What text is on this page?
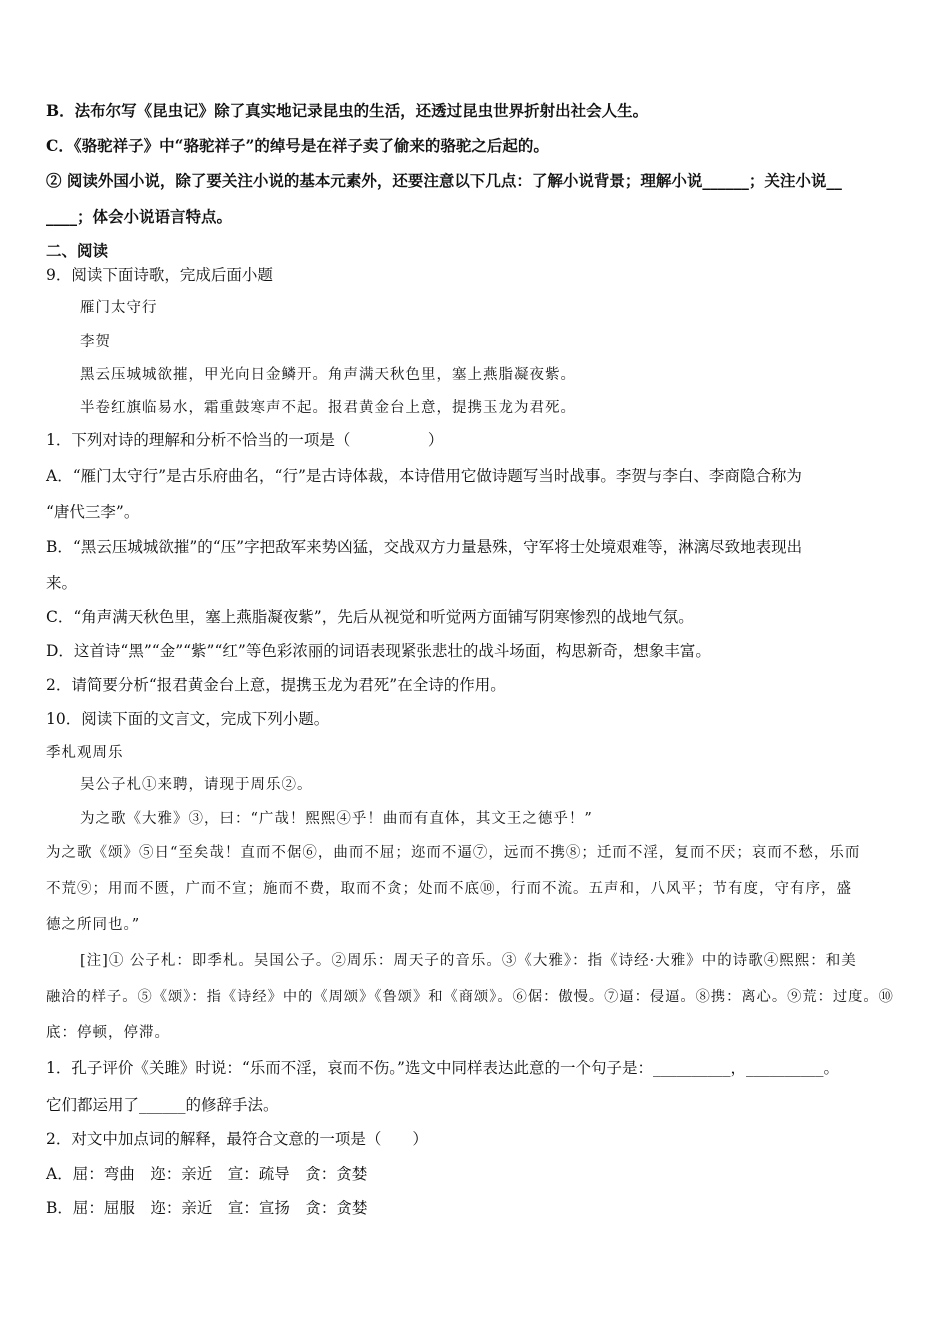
B．法布尔写《昆虫记》除了真实地记录昆虫的生活，还透过昆虫世界折射出社会人生。
C．《骆驼祥子》中“骆驼祥子”的绰号是在祥子卖了偷来的骆驼之后起的。
② 阅读外国小说，除了要关注小说的基本元素外，还要注意以下几点：了解小说背景；理解小说______；关注小说__
____；体会小说语言特点。
二、阅读
9．阅读下面诗歌，完成后面小题
雁门太守行
李贺
黑云压城城欲摧，甲光向日金鳞开。角声满天秋色里，塞上燕脂凝夜紫。
半卷红旗临易水，霜重鼓寒声不起。报君黄金台上意，提携玉龙为君死。
1．下列对诗的理解和分析不恰当的一项是（　　　　　）
A．“雁门太守行”是古乐府曲名，“行”是古诗体裁，本诗借用它做诗题写当时战事。李贺与李白、李商隐合称为
“唐代三李”。
B．“黑云压城城欲摧”的“压”字把敌军来势凶猛，交战双方力量悬殊，守军将士处境艰难等，淋漓尽致地表现出
来。
C．“角声满天秋色里，塞上燕脂凝夜紫”，先后从视觉和听觉两方面铺写阴寒惨烈的战地气氛。
D．这首诗“黑”“金”“紫”“红”等色彩浓丽的词语表现紧张悲壮的战斗场面，构思新奇，想象丰富。
2．请简要分析“报君黄金台上意，提携玉龙为君死”在全诗的作用。
10．阅读下面的文言文，完成下列小题。
季札观周乐
吴公子札①来聘，请现于周乐②。
为之歌《大雅》③，曰：“广哉！熙熙④乎！曲而有直体，其文王之德乎！”
为之歌《颂》⑤日“至矣哉！直而不倨⑥，曲而不屈；迩而不逼⑦，远而不携⑧；迁而不淫，复而不厌；哀而不愁，乐而
不荒⑨；用而不匮，广而不宣；施而不费，取而不贪；处而不底⑩，行而不流。五声和，八风平；节有度，守有序，盛
德之所同也。”
[注]① 公子札：即季札。吴国公子。②周乐：周天子的音乐。③《大雅》：指《诗经·大雅》中的诗歌④熙熙：和美
融洽的样子。⑤《颂》：指《诗经》中的《周颂》《鲁颂》和《商颂》。⑥倨：傲慢。⑦逼：侵逼。⑧携：离心。⑨荒：过度。⑩
底：停顿，停滞。
1．孔子评价《关雎》时说：“乐而不淫，哀而不伤。”选文中同样表达此意的一个句子是：__________，__________。
它们都运用了______的修辞手法。
2．对文中加点词的解释，最符合文意的一项是（　　）
A．屈：弯曲　迩：亲近　宣：疏导　贪：贪婪
B．屈：屈服　迩：亲近　宣：宣扬　贪：贪婪
